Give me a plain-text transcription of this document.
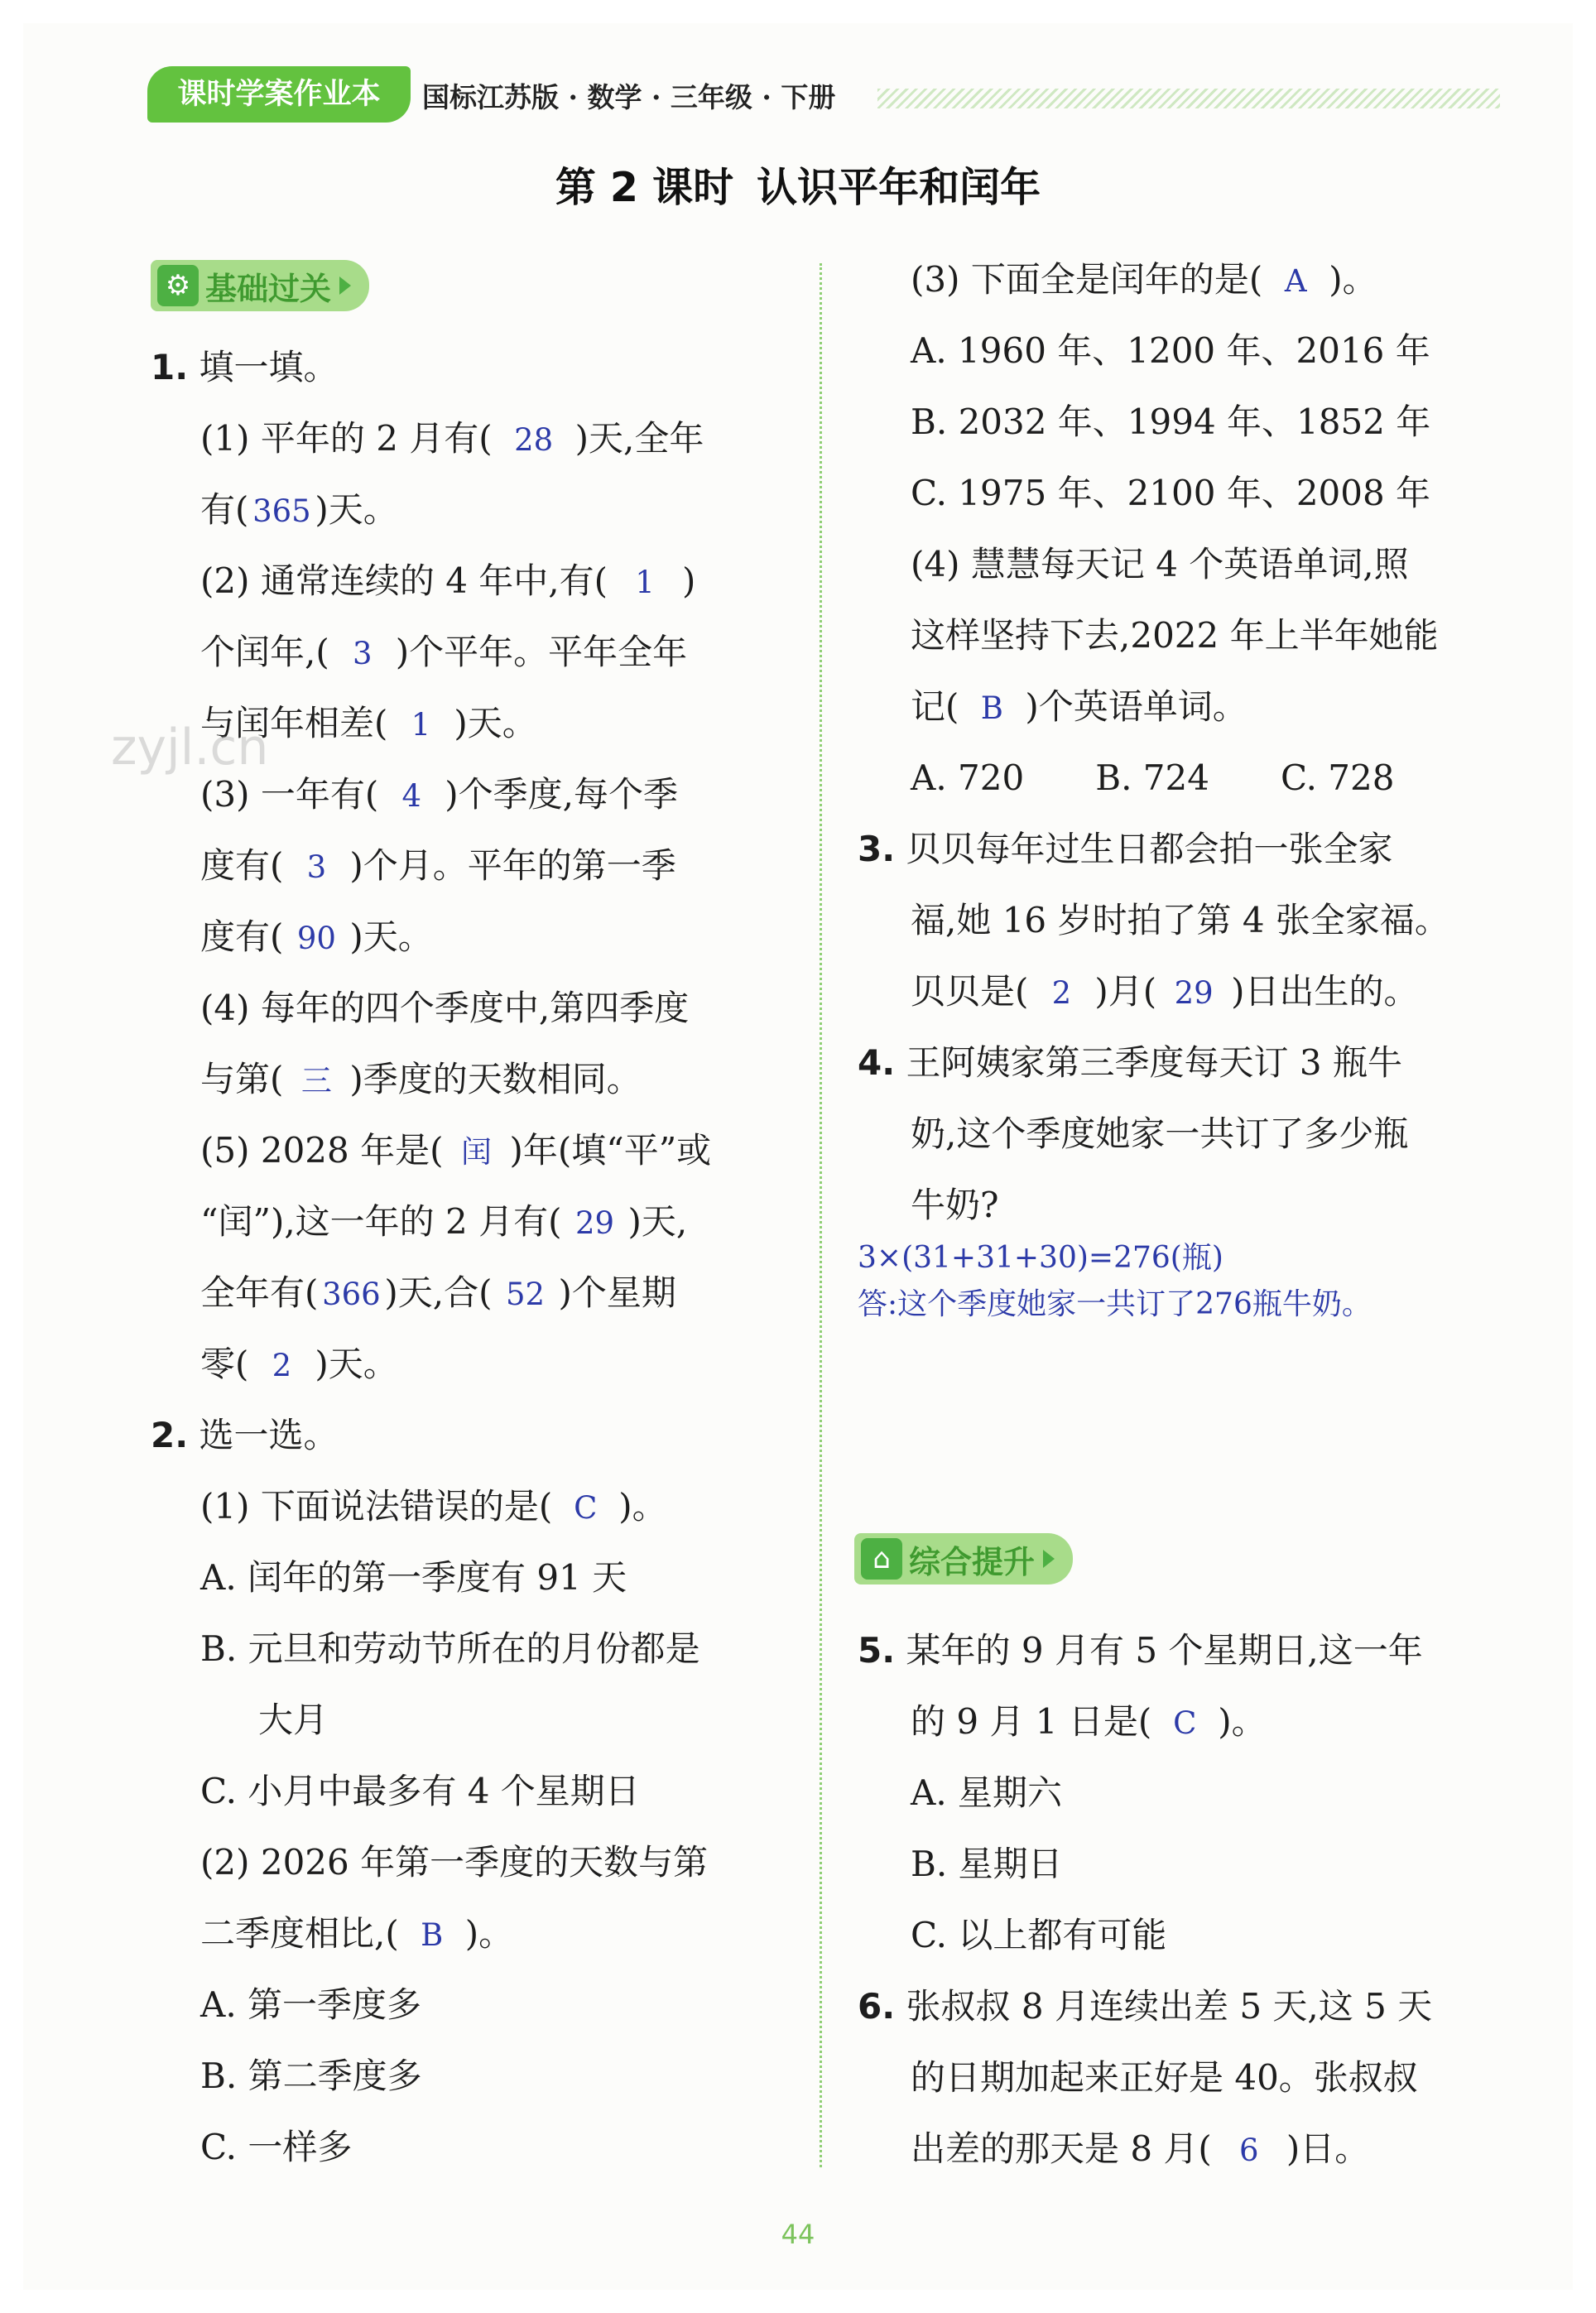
课时学案作业本	国标江苏版 · 数学 · 三年级 · 下册
第 2 课时 认识平年和闰年
⚙ 基础过关
⌂ 综合提升
1. 填一填。
(1) 平年的 2 月有( 28 )天,全年
有( 365 )天。
(2) 通常连续的 4 年中,有( 1 )
个闰年,( 3 )个平年。平年全年
与闰年相差( 1 )天。
(3) 一年有( 4 )个季度,每个季
度有( 3 )个月。平年的第一季
度有( 90 )天。
(4) 每年的四个季度中,第四季度
与第( 三 )季度的天数相同。
(5) 2028 年是( 闰 )年(填“平”或
“闰”),这一年的 2 月有( 29 )天,
全年有( 366 )天,合( 52 )个星期
零( 2 )天。
2. 选一选。
(1) 下面说法错误的是( C )。
A. 闰年的第一季度有 91 天
B. 元旦和劳动节所在的月份都是
大月
C. 小月中最多有 4 个星期日
(2) 2026 年第一季度的天数与第
二季度相比,( B )。
A. 第一季度多
B. 第二季度多
C. 一样多
zyjl.cn
(3) 下面全是闰年的是( A )。
A. 1960 年、1200 年、2016 年
B. 2032 年、1994 年、1852 年
C. 1975 年、2100 年、2008 年
(4) 慧慧每天记 4 个英语单词,照
这样坚持下去,2022 年上半年她能
记( B )个英语单词。
A. 720 B. 724 C. 728
3. 贝贝每年过生日都会拍一张全家
福,她 16 岁时拍了第 4 张全家福。
贝贝是( 2 )月( 29 )日出生的。
4. 王阿姨家第三季度每天订 3 瓶牛
奶,这个季度她家一共订了多少瓶
牛奶?
3×(31+31+30)=276(瓶)
答:这个季度她家一共订了276瓶牛奶。
5. 某年的 9 月有 5 个星期日,这一年
的 9 月 1 日是( C )。
A. 星期六
B. 星期日
C. 以上都有可能
6. 张叔叔 8 月连续出差 5 天,这 5 天
的日期加起来正好是 40。张叔叔
出差的那天是 8 月( 6 )日。
44
